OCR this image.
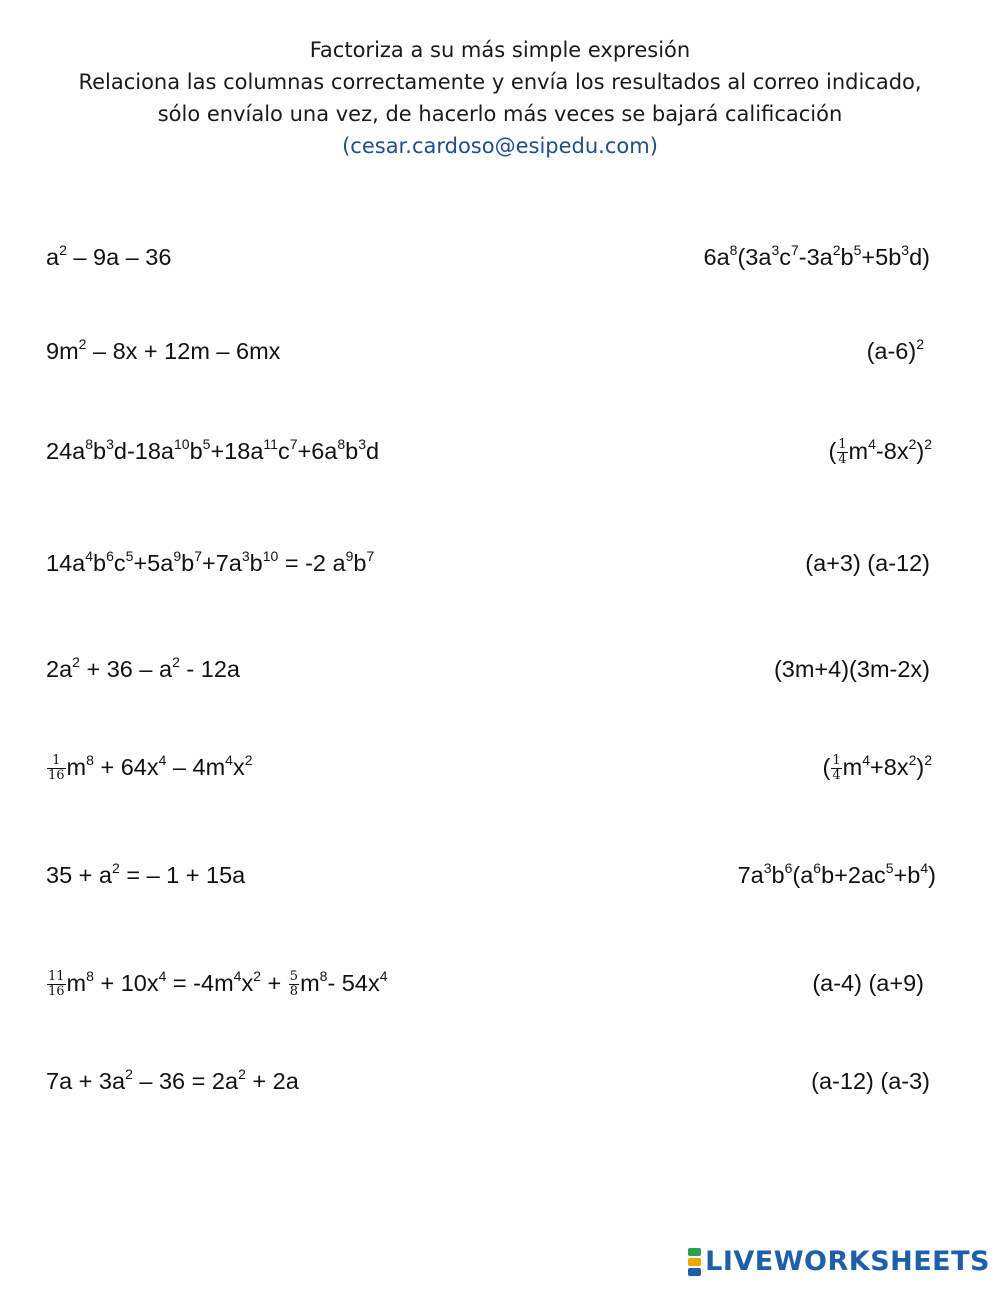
Factoriza a su más simple expresión
Relaciona las columnas correctamente y envía los resultados al correo indicado,
sólo envíalo una vez, de hacerlo más veces se bajará calificación
(cesar.cardoso@esipedu.com)
$a^2 - 9a - 36$	$6a^8(3a^3c^7-3a^2b^5+5b^3d)$
$9m^2 - 8x + 12m - 6mx$	$(a-6)^2$
$24a^8b^3d-18a^{10}b^5+18a^{11}c^7+6a^8b^3d$	( $\frac{1}{4} m^4-8x^2)^2$
$14a^4b^6c^5+5a^9b^7+7a^3b^{10} = -2$ $a^9b^7$	(a+3) (a-12)
$2a^2 + 36 - a^2 - 12a$	(3m+4)(3m-2x)
$\frac{1}{16} m^8 + 64x^4 - 4m^4x^2$	( $\frac{1}{4} m^4+8x^2)^2$
$35 + a^2$ = – 1 + 15a	$7a^3b^6(a^6b+2ac^5+b^4)$
$\frac{11}{16} m^8 + 10x^4 = -4m^4x^2 + \frac{5}{8} m^8-$ $54x^4$	(a-4) (a+9)
$7a + 3a^2 - 36 = 2a^2 + 2a$	(a-12) (a-3)
LIVEWORKSHEETS
